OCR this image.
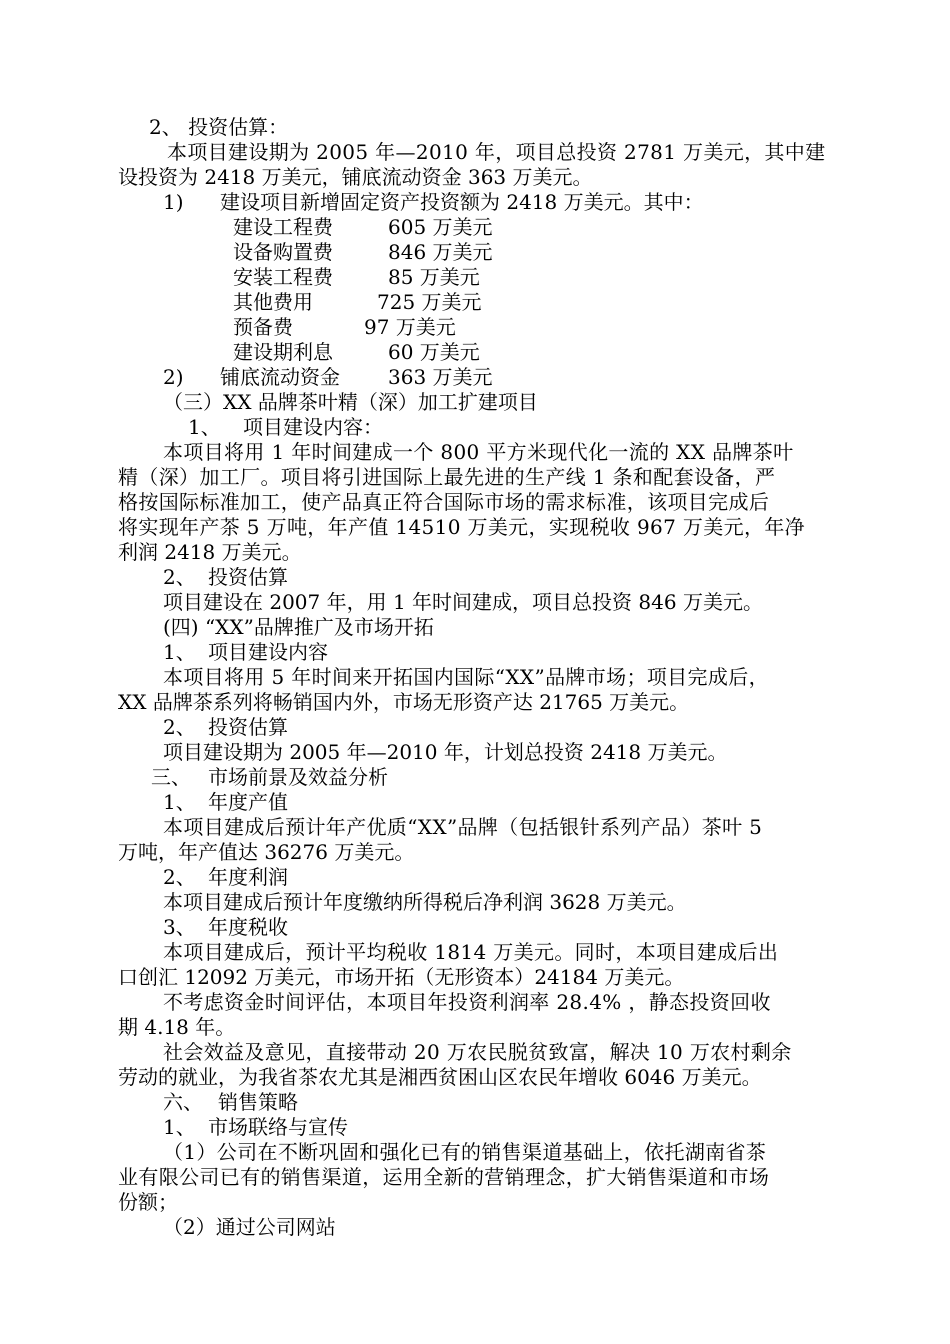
2、 投资估算：

本项目建设期为 2005 年—2010 年，项目总投资 2781 万美元，其中建

设投资为 2418 万美元，铺底流动资金 363 万美元。

1) 建设项目新增固定资产投资额为 2418 万美元。其中：

建设工程费	605 万美元
设备购置费	846 万美元
安装工程费	85 万美元
其他费用	725 万美元
预备费	97 万美元
建设期利息	60 万美元

2) 铺底流动资金 363 万美元

（三）XX 品牌茶叶精（深）加工扩建项目

1、 项目建设内容：

本项目将用 1 年时间建成一个 800 平方米现代化一流的 XX 品牌茶叶

精（深）加工厂。项目将引进国际上最先进的生产线 1 条和配套设备，严

格按国际标准加工，使产品真正符合国际市场的需求标准，该项目完成后

将实现年产茶 5 万吨，年产值 14510 万美元，实现税收 967 万美元，年净

利润 2418 万美元。

2、 投资估算

项目建设在 2007 年，用 1 年时间建成，项目总投资 846 万美元。

(四) “XX”品牌推广及市场开拓

1、 项目建设内容

本项目将用 5 年时间来开拓国内国际“XX”品牌市场；项目完成后，

XX 品牌茶系列将畅销国内外，市场无形资产达 21765 万美元。

2、 投资估算

项目建设期为 2005 年—2010 年，计划总投资 2418 万美元。

三、 市场前景及效益分析

1、 年度产值

本项目建成后预计年产优质“XX”品牌（包括银针系列产品）茶叶 5

万吨，年产值达 36276 万美元。

2、 年度利润

本项目建成后预计年度缴纳所得税后净利润 3628 万美元。

3、 年度税收

本项目建成后，预计平均税收 1814 万美元。同时，本项目建成后出

口创汇 12092 万美元，市场开拓（无形资本）24184 万美元。

不考虑资金时间评估，本项目年投资利润率 28.4% ，静态投资回收

期 4.18 年。

社会效益及意见，直接带动 20 万农民脱贫致富，解决 10 万农村剩余

劳动的就业，为我省茶农尤其是湘西贫困山区农民年增收 6046 万美元。

六、 销售策略

1、 市场联络与宣传

（1）公司在不断巩固和强化已有的销售渠道基础上，依托湖南省茶

业有限公司已有的销售渠道，运用全新的营销理念，扩大销售渠道和市场

份额；

（2）通过公司网站
